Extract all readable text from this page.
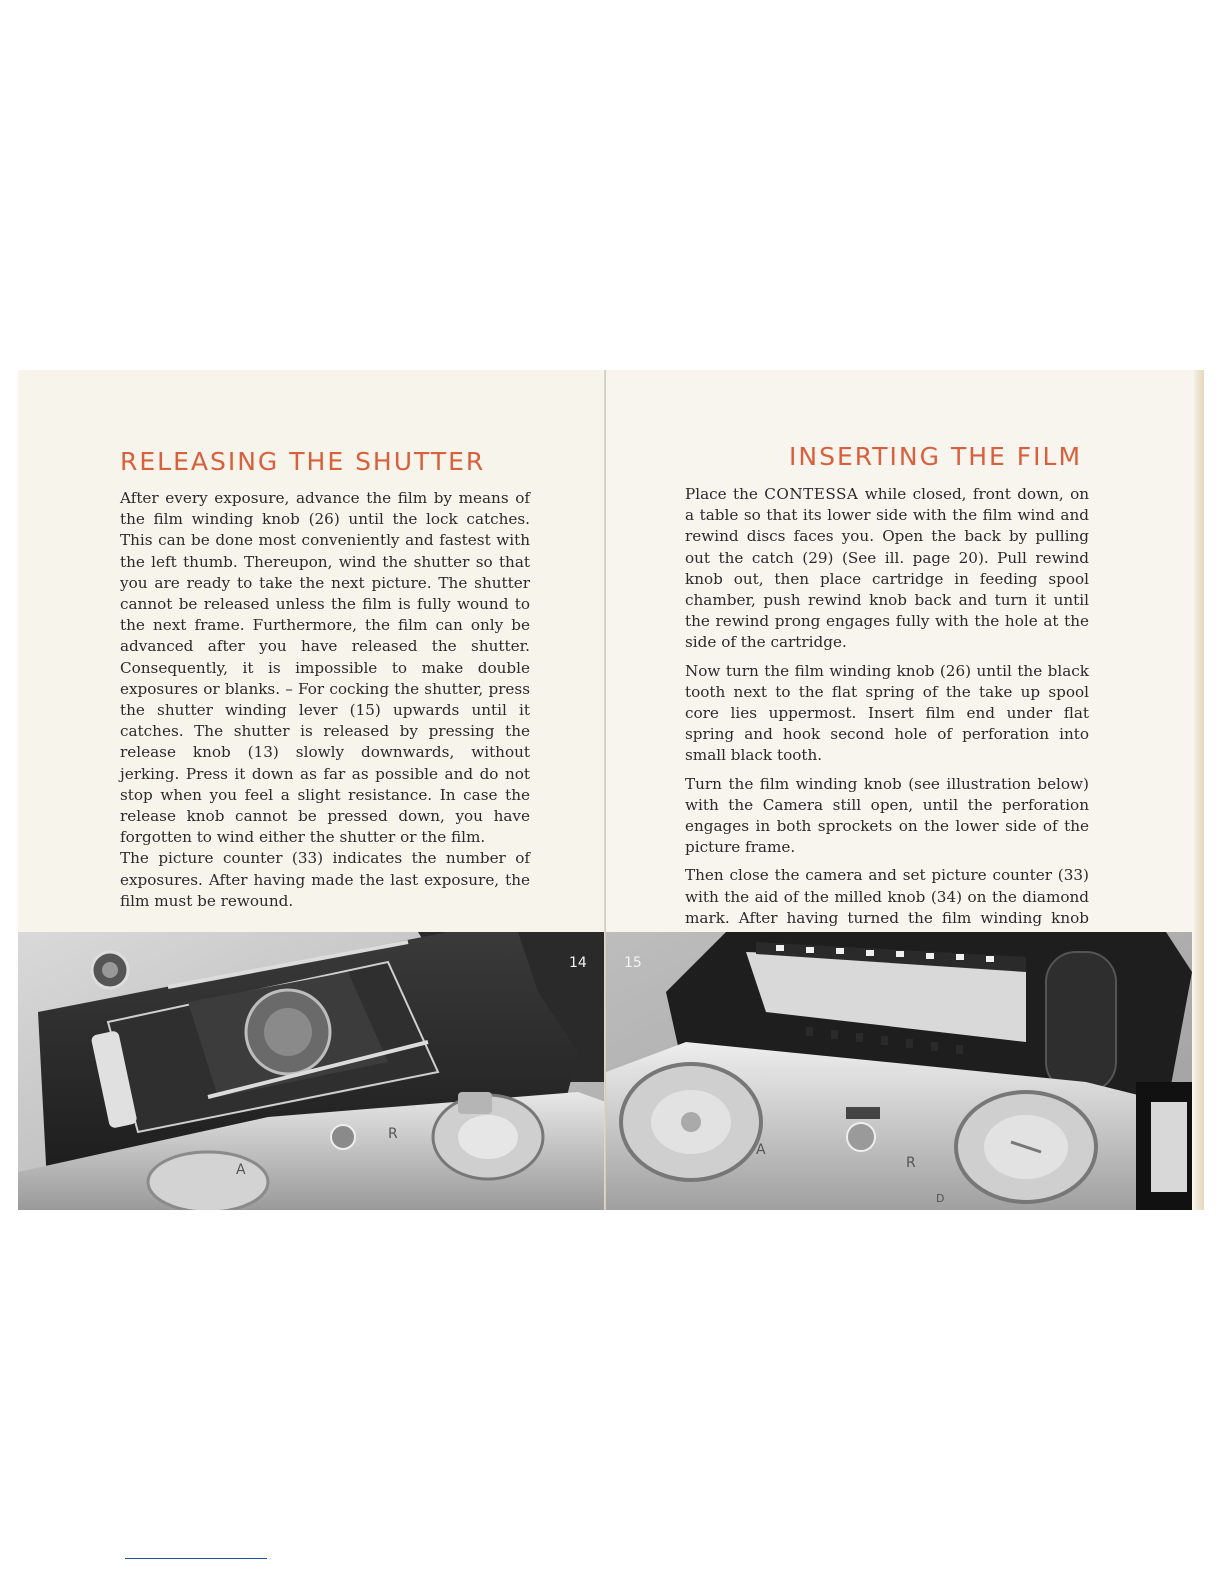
RELEASING THE SHUTTER

After every exposure, advance the film by means of the film winding knob (26) until the lock catches. This can be done most conveniently and fastest with the left thumb. Thereupon, wind the shutter so that you are ready to take the next picture. The shutter cannot be released unless the film is fully wound to the next frame. Furthermore, the film can only be advanced after you have released the shutter. Consequently, it is impossible to make double exposures or blanks. – For cocking the shutter, press the shutter winding lever (15) upwards until it catches. The shutter is released by pressing the release knob (13) slowly downwards, without jerking. Press it down as far as possible and do not stop when you feel a slight resistance. In case the release knob cannot be pressed down, you have forgotten to wind either the shutter or the film.

The picture counter (33) indicates the number of exposures. After having made the last exposure, the film must be rewound.

R
A
14
INSERTING THE FILM

Place the CONTESSA while closed, front down, on a table so that its lower side with the film wind and rewind discs faces you. Open the back by pulling out the catch (29) (See ill. page 20). Pull rewind knob out, then place cartridge in feeding spool chamber, push rewind knob back and turn it until the rewind prong engages fully with the hole at the side of the cartridge.

Now turn the film winding knob (26) until the black tooth next to the flat spring of the take up spool core lies uppermost. Insert film end under flat spring and hook second hole of perforation into small black tooth.

Turn the film winding knob (see illustration below) with the Camera still open, until the perforation engages in both sprockets on the lower side of the picture frame.

Then close the camera and set picture counter (33) with the aid of the milled knob (34) on the diamond mark. After having turned the film winding knob

A
R
D
15
